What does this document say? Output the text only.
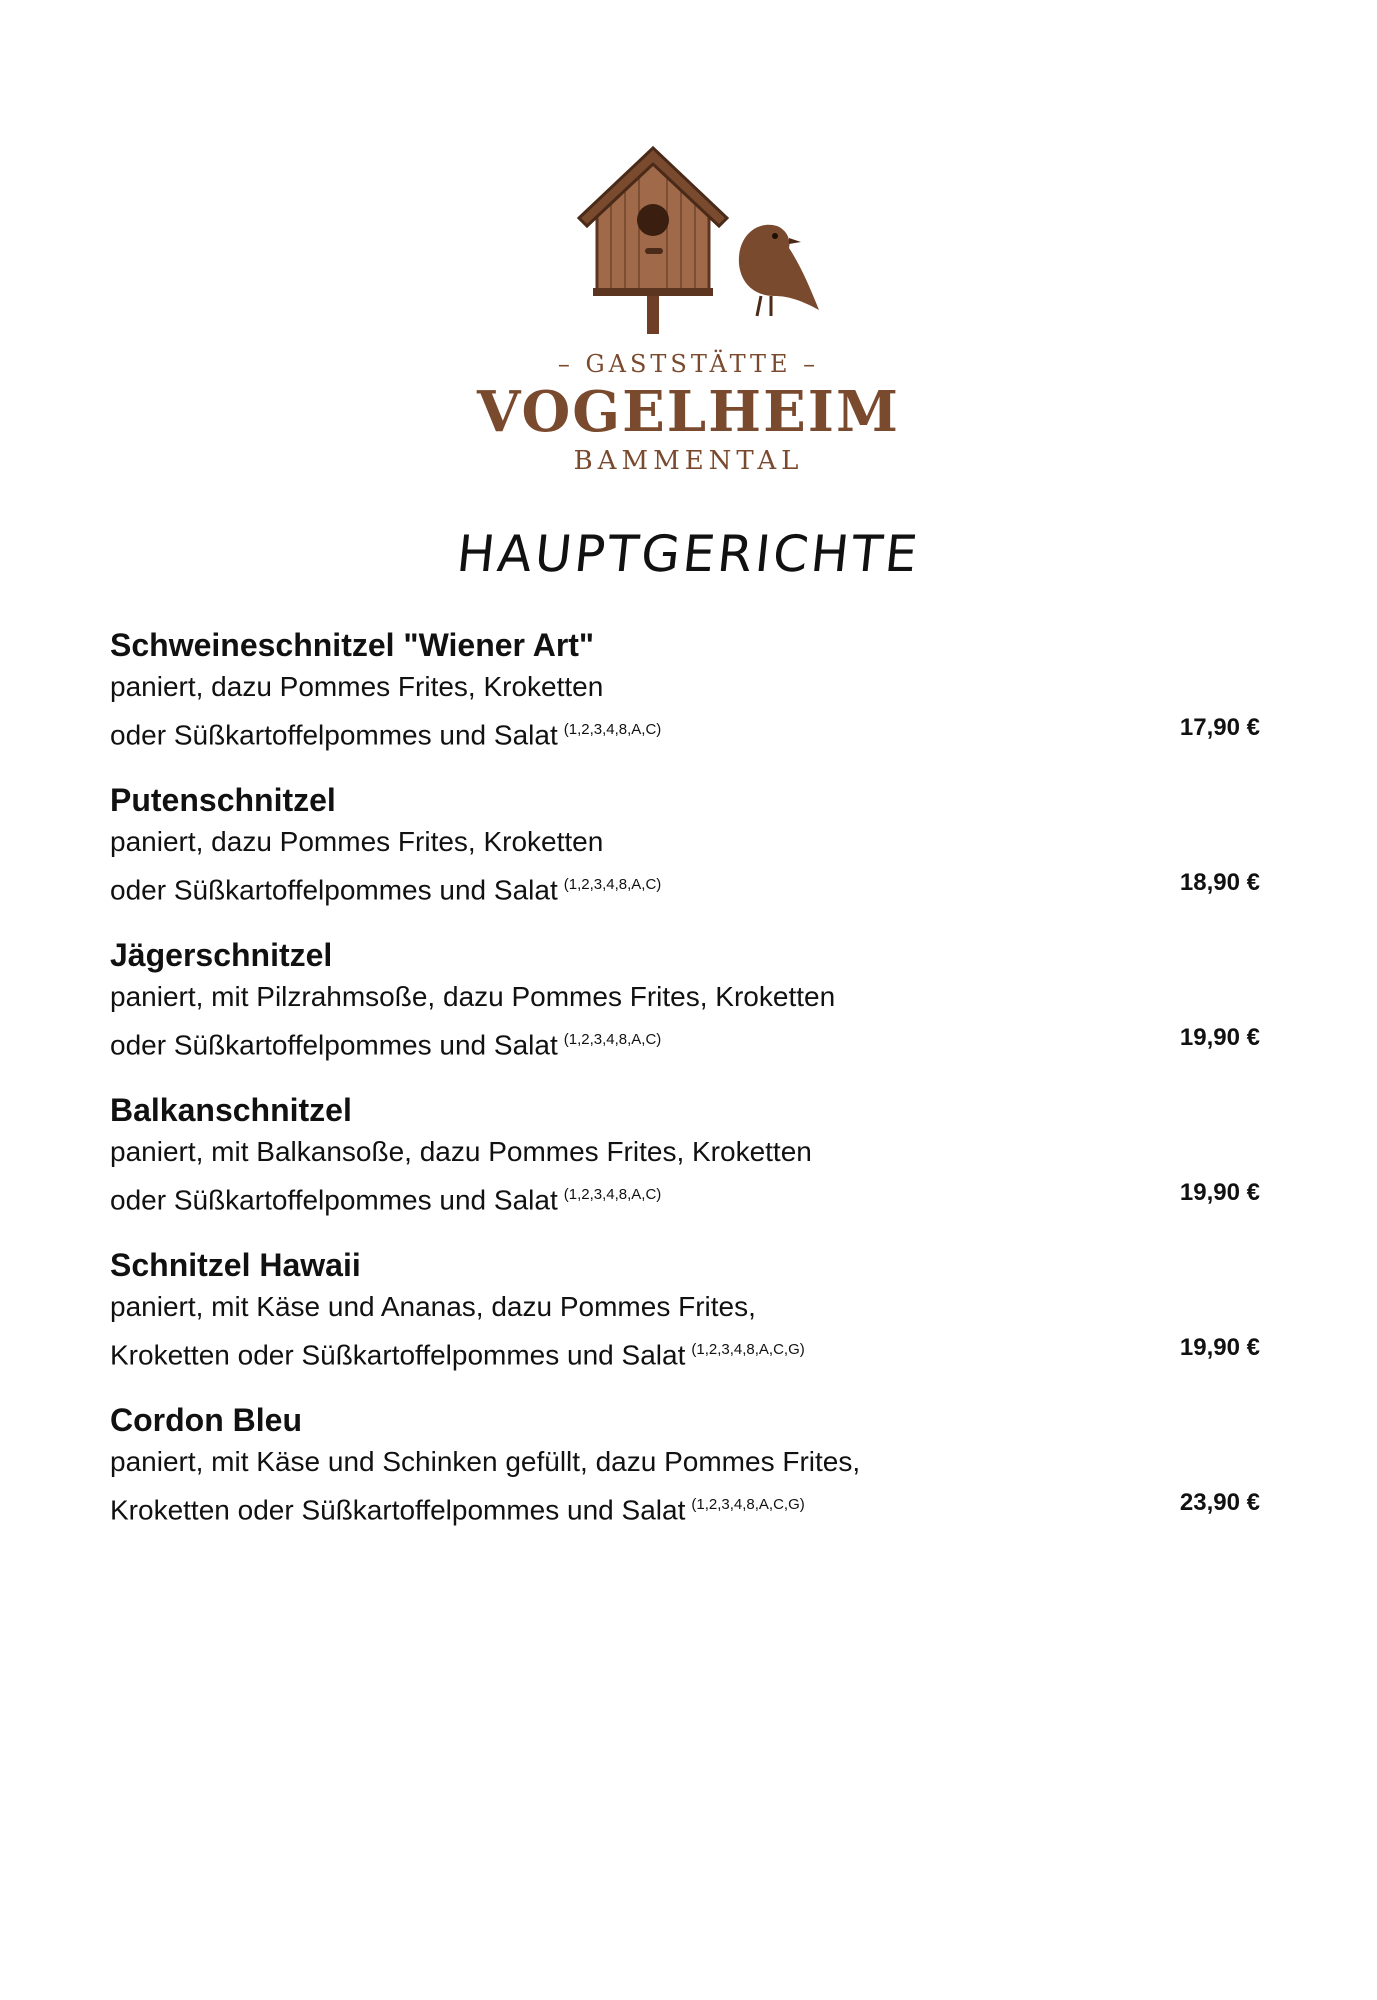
– GASTSTÄTTE –
VOGELHEIM
BAMMENTAL
HAUPTGERICHTE
Schweineschnitzel "Wiener Art"
paniert, dazu Pommes Frites, Kroketten
oder Süßkartoffelpommes und Salat $^{(1,2,3,4,8,A,C)}$	17,90 €
Putenschnitzel
paniert, dazu Pommes Frites, Kroketten
oder Süßkartoffelpommes und Salat $^{(1,2,3,4,8,A,C)}$	18,90 €
Jägerschnitzel
paniert, mit Pilzrahmsoße, dazu Pommes Frites, Kroketten
oder Süßkartoffelpommes und Salat $^{(1,2,3,4,8,A,C)}$	19,90 €
Balkanschnitzel
paniert, mit Balkansoße, dazu Pommes Frites, Kroketten
oder Süßkartoffelpommes und Salat $^{(1,2,3,4,8,A,C)}$	19,90 €
Schnitzel Hawaii
paniert, mit Käse und Ananas, dazu Pommes Frites,
Kroketten oder Süßkartoffelpommes und Salat $^{(1,2,3,4,8,A,C,G)}$	19,90 €
Cordon Bleu
paniert, mit Käse und Schinken gefüllt, dazu Pommes Frites,
Kroketten oder Süßkartoffelpommes und Salat $^{(1,2,3,4,8,A,C,G)}$	23,90 €
